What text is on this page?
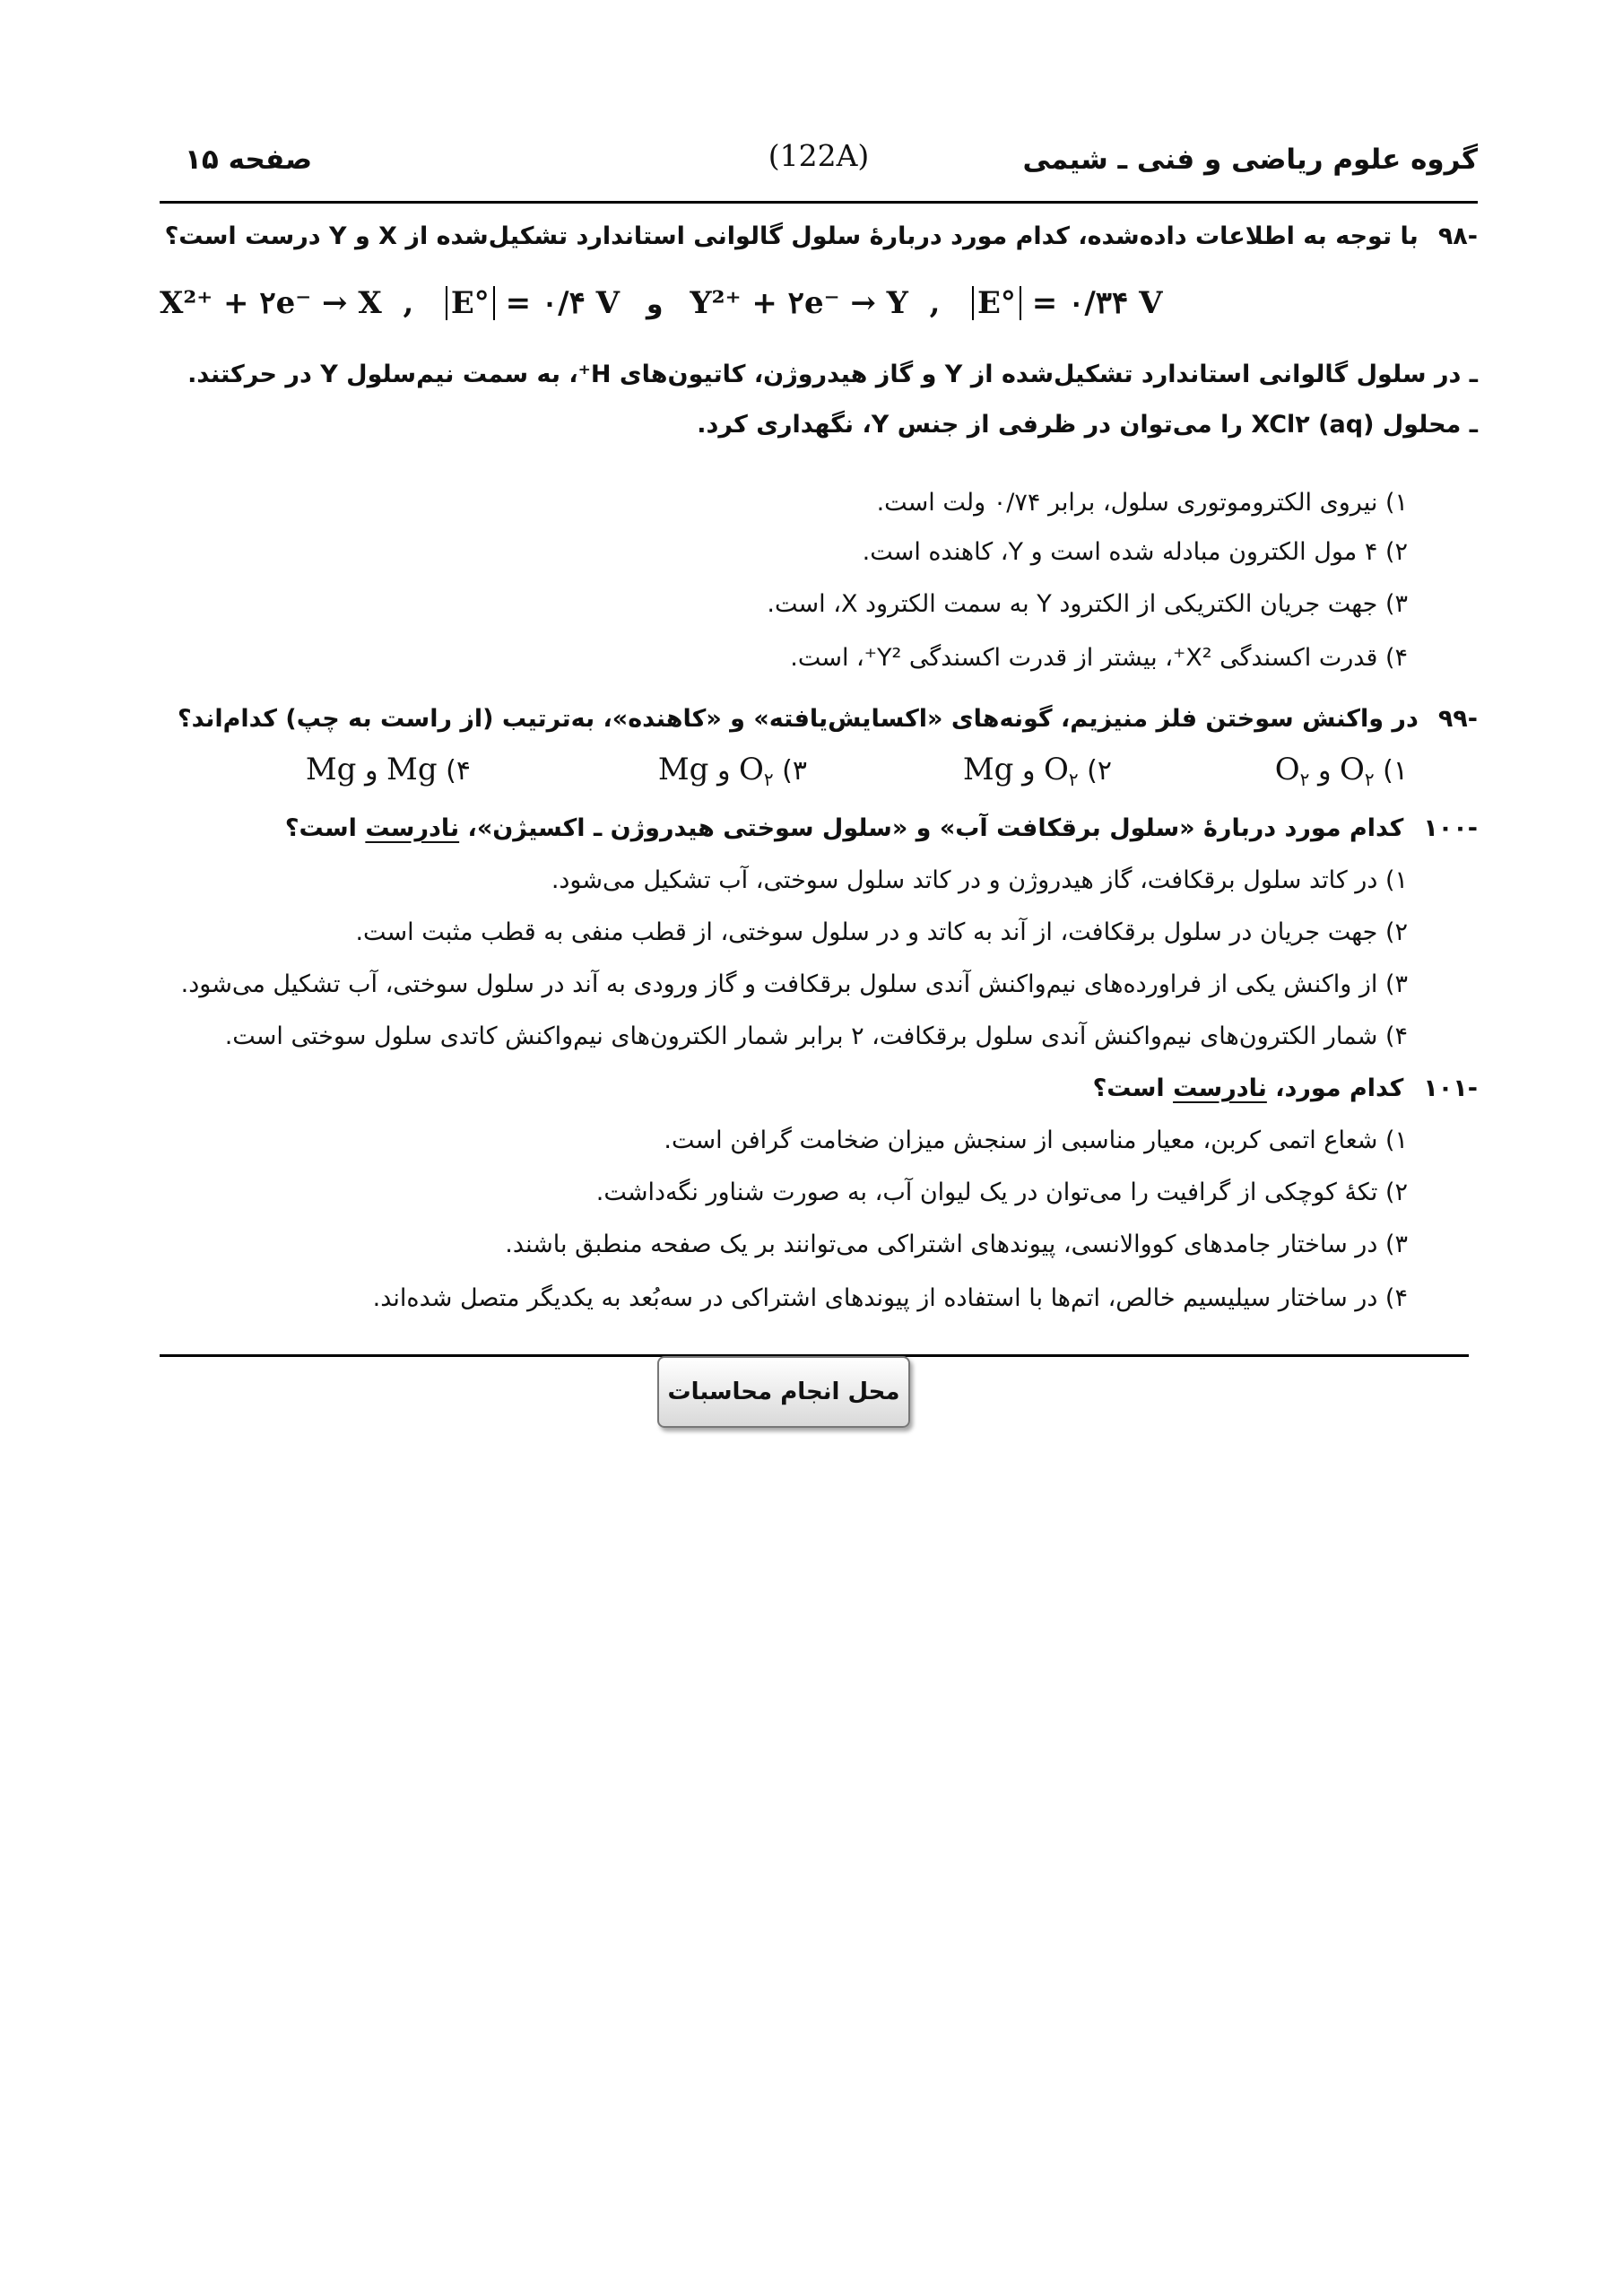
گروه علوم ریاضی و فنی ـ شیمی
(122A)
صفحه ۱۵
-۹۸با توجه به اطلاعات داده‌شده، کدام مورد دربارهٔ سلول گالوانی استاندارد تشکیل‌شده از X و Y درست است؟
X²⁺ + ۲e⁻ → X  ,   E° = ۰/۴ V و Y²⁺ + ۲e⁻ → Y  ,   E° = ۰/۳۴ V
ـ در سلول گالوانی استاندارد تشکیل‌شده از Y و گاز هیدروژن، کاتیون‌های H⁺، به سمت نیم‌سلول Y در حرکتند.
ـ محلول XCl۲ (aq) را می‌توان در ظرفی از جنس Y، نگهداری کرد.
۱) نیروی الکتروموتوری سلول، برابر ۰/۷۴ ولت است.
۲) ۴ مول الکترون مبادله شده است و Y، کاهنده است.
۳) جهت جریان الکتریکی از الکترود Y به سمت الکترود X، است.
۴) قدرت اکسندگی X²⁺، بیشتر از قدرت اکسندگی Y²⁺، است.
-۹۹در واکنش سوختن فلز منیزیم، گونه‌های «اکسایش‌یافته» و «کاهنده»، به‌ترتیب (از راست به چپ) کدام‌اند؟
۱) $O_۲$ و $O_۲$
۲) $O_۲$ و Mg
۳) $O_۲$ و Mg
۴) Mg و Mg
-۱۰۰کدام مورد دربارهٔ «سلول برقکافت آب» و «سلول سوختی هیدروژن ـ اکسیژن»، نادرست است؟
۱) در کاتد سلول برقکافت، گاز هیدروژن و در کاتد سلول سوختی، آب تشکیل می‌شود.
۲) جهت جریان در سلول برقکافت، از آند به کاتد و در سلول سوختی، از قطب منفی به قطب مثبت است.
۳) از واکنش یکی از فراورده‌های نیم‌واکنش آندی سلول برقکافت و گاز ورودی به آند در سلول سوختی، آب تشکیل می‌شود.
۴) شمار الکترون‌های نیم‌واکنش آندی سلول برقکافت، ۲ برابر شمار الکترون‌های نیم‌واکنش کاتدی سلول سوختی است.
-۱۰۱کدام مورد، نادرست است؟
۱) شعاع اتمی کربن، معیار مناسبی از سنجش میزان ضخامت گرافن است.
۲) تکهٔ کوچکی از گرافیت را می‌توان در یک لیوان آب، به صورت شناور نگه‌داشت.
۳) در ساختار جامدهای کووالانسی، پیوندهای اشتراکی می‌توانند بر یک صفحه منطبق باشند.
۴) در ساختار سیلیسیم خالص، اتم‌ها با استفاده از پیوندهای اشتراکی در سه‌بُعد به یکدیگر متصل شده‌اند.
محل انجام محاسبات
